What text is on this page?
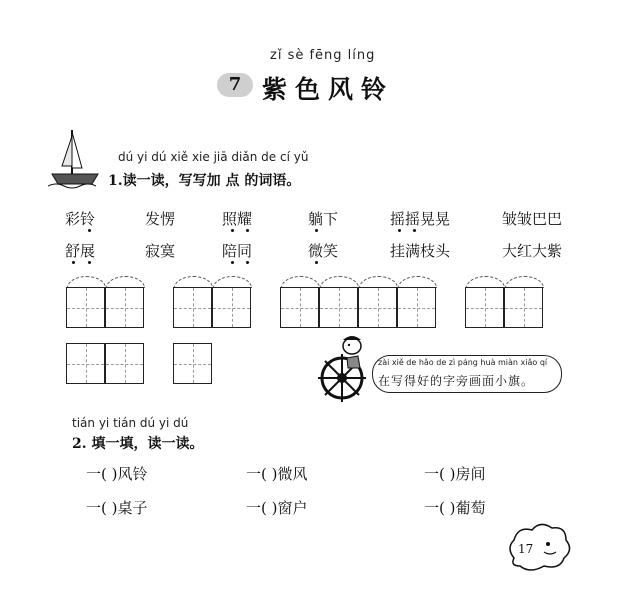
zǐ sè fēng líng
7 紫色风铃
dú yi dú xiě xie jiā diǎn de cí yǔ
1.读一读，写写加 点 的词语。
彩铃	发愣	照耀	躺下	摇摇晃晃	皱皱巴巴
舒展	寂寞	陪同	微笑	挂满枝头	大红大紫
zài xiě de hǎo de zì páng huà miàn xiǎo qí
在写得好的字旁画面小旗。
tián yi tián dú yi dú
2. 填一填，读一读。
一( )风铃	一( )微风	一( )房间
一( )桌子	一( )窗户	一( )葡萄
17
